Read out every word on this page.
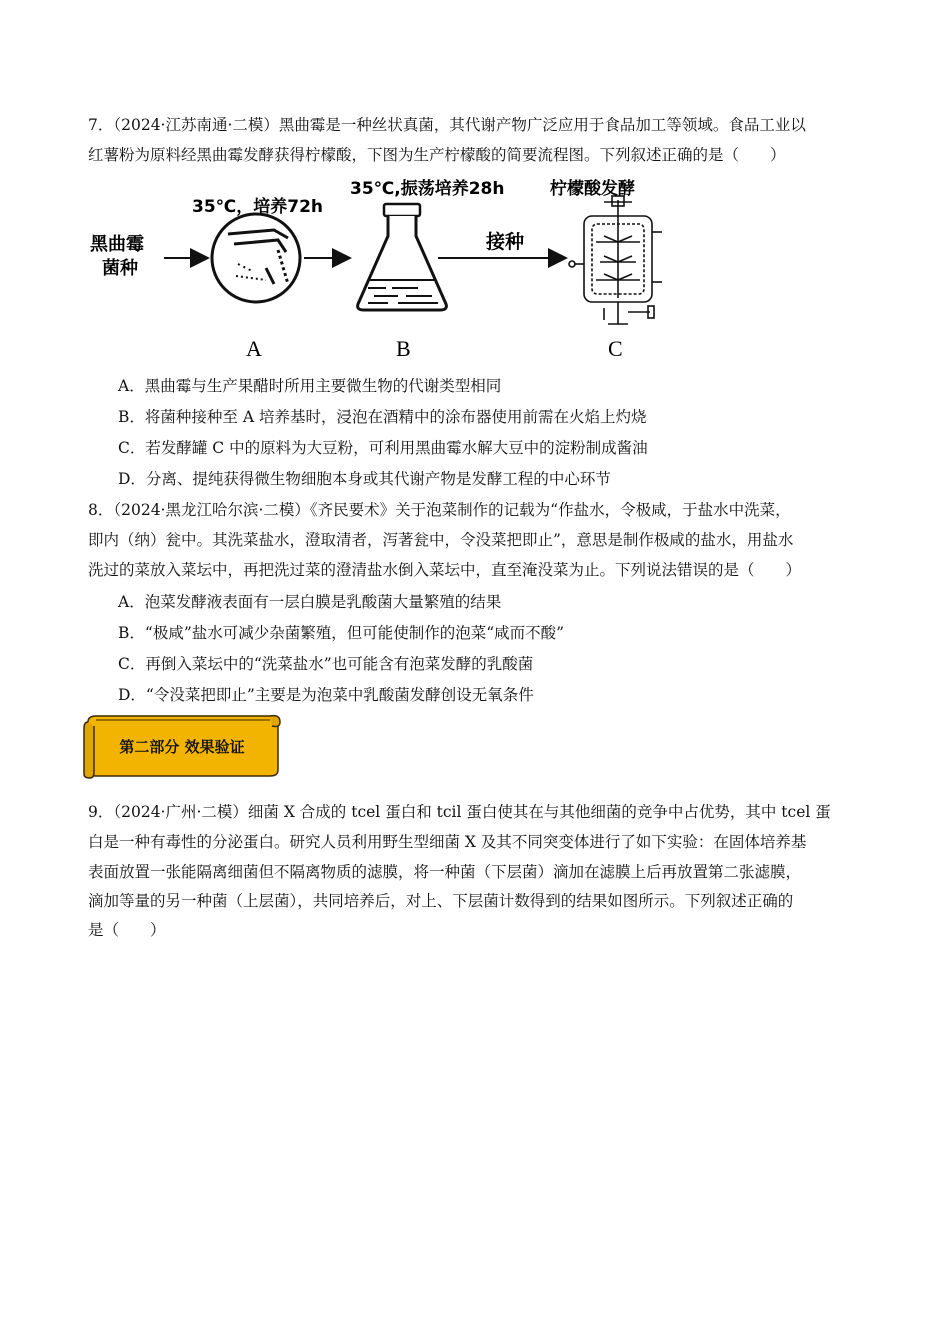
7．（2024·江苏南通·二模）黑曲霉是一种丝状真菌，其代谢产物广泛应用于食品加工等领域。食品工业以
红薯粉为原料经黑曲霉发酵获得柠檬酸，下图为生产柠檬酸的简要流程图。下列叙述正确的是（　　）
黑曲霉
菌种
35℃，培养72h
35℃,振荡培养28h
接种
柠檬酸发酵
A	B	C
A．黑曲霉与生产果醋时所用主要微生物的代谢类型相同
B．将菌种接种至 A 培养基时，浸泡在酒精中的涂布器使用前需在火焰上灼烧
C．若发酵罐 C 中的原料为大豆粉，可利用黑曲霉水解大豆中的淀粉制成酱油
D．分离、提纯获得微生物细胞本身或其代谢产物是发酵工程的中心环节
8．（2024·黑龙江哈尔滨·二模）《齐民要术》关于泡菜制作的记载为“作盐水，令极咸，于盐水中洗菜，
即内（纳）瓮中。其洗菜盐水，澄取清者，泻著瓮中，令没菜把即止”，意思是制作极咸的盐水，用盐水
洗过的菜放入菜坛中，再把洗过菜的澄清盐水倒入菜坛中，直至淹没菜为止。下列说法错误的是（　　）
A．泡菜发酵液表面有一层白膜是乳酸菌大量繁殖的结果
B．“极咸”盐水可减少杂菌繁殖，但可能使制作的泡菜“咸而不酸”
C．再倒入菜坛中的“洗菜盐水”也可能含有泡菜发酵的乳酸菌
D．“令没菜把即止”主要是为泡菜中乳酸菌发酵创设无氧条件
第二部分 效果验证
9．（2024·广州·二模）细菌 X 合成的 tcel 蛋白和 tcil 蛋白使其在与其他细菌的竞争中占优势，其中 tcel 蛋
白是一种有毒性的分泌蛋白。研究人员利用野生型细菌 X 及其不同突变体进行了如下实验：在固体培养基
表面放置一张能隔离细菌但不隔离物质的滤膜，将一种菌（下层菌）滴加在滤膜上后再放置第二张滤膜，
滴加等量的另一种菌（上层菌），共同培养后，对上、下层菌计数得到的结果如图所示。下列叙述正确的
是（　　）
